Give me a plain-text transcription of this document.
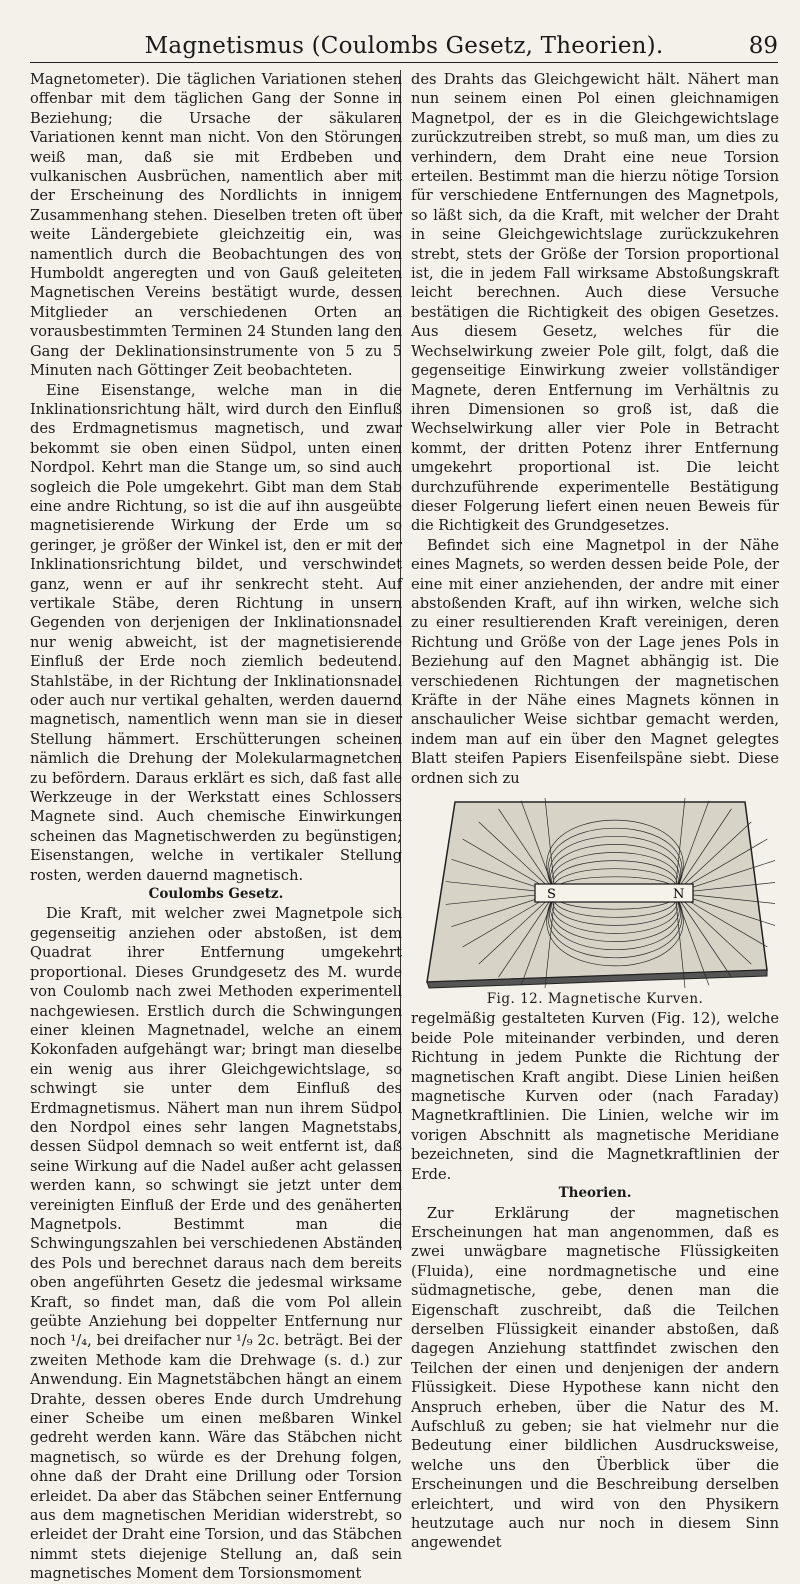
Magnetismus (Coulombs Gesetz, Theorien).	89

Magnetometer). Die täglichen Variationen stehen offenbar mit dem täglichen Gang der Sonne in Beziehung; die Ursache der säkularen Variationen kennt man nicht. Von den Störungen weiß man, daß sie mit Erdbeben und vulkanischen Ausbrüchen, namentlich aber mit der Erscheinung des Nordlichts in innigem Zusammenhang stehen. Dieselben treten oft über weite Ländergebiete gleichzeitig ein, was namentlich durch die Beobachtungen des von Humboldt angeregten und von Gauß geleiteten Magnetischen Vereins bestätigt wurde, dessen Mitglieder an verschiedenen Orten an vorausbestimmten Terminen 24 Stunden lang den Gang der Deklinationsinstrumente von 5 zu 5 Minuten nach Göttinger Zeit beobachteten.

Eine Eisenstange, welche man in die Inklinationsrichtung hält, wird durch den Einfluß des Erdmagnetismus magnetisch, und zwar bekommt sie oben einen Südpol, unten einen Nordpol. Kehrt man die Stange um, so sind auch sogleich die Pole umgekehrt. Gibt man dem Stab eine andre Richtung, so ist die auf ihn ausgeübte magnetisierende Wirkung der Erde um so geringer, je größer der Winkel ist, den er mit der Inklinationsrichtung bildet, und verschwindet ganz, wenn er auf ihr senkrecht steht. Auf vertikale Stäbe, deren Richtung in unsern Gegenden von derjenigen der Inklinationsnadel nur wenig abweicht, ist der magnetisierende Einfluß der Erde noch ziemlich bedeutend. Stahlstäbe, in der Richtung der Inklinationsnadel oder auch nur vertikal gehalten, werden dauernd magnetisch, namentlich wenn man sie in dieser Stellung hämmert. Erschütterungen scheinen nämlich die Drehung der Molekularmagnetchen zu befördern. Daraus erklärt es sich, daß fast alle Werkzeuge in der Werkstatt eines Schlossers Magnete sind. Auch chemische Einwirkungen scheinen das Magnetischwerden zu begünstigen; Eisenstangen, welche in vertikaler Stellung rosten, werden dauernd magnetisch.

Coulombs Gesetz.

Die Kraft, mit welcher zwei Magnetpole sich gegenseitig anziehen oder abstoßen, ist dem Quadrat ihrer Entfernung umgekehrt proportional. Dieses Grundgesetz des M. wurde von Coulomb nach zwei Methoden experimentell nachgewiesen. Erstlich durch die Schwingungen einer kleinen Magnetnadel, welche an einem Kokonfaden aufgehängt war; bringt man dieselbe ein wenig aus ihrer Gleichgewichtslage, so schwingt sie unter dem Einfluß des Erdmagnetismus. Nähert man nun ihrem Südpol den Nordpol eines sehr langen Magnetstabs, dessen Südpol demnach so weit entfernt ist, daß seine Wirkung auf die Nadel außer acht gelassen werden kann, so schwingt sie jetzt unter dem vereinigten Einfluß der Erde und des genäherten Magnetpols. Bestimmt man die Schwingungszahlen bei verschiedenen Abständen des Pols und berechnet daraus nach dem bereits oben angeführten Gesetz die jedesmal wirksame Kraft, so findet man, daß die vom Pol allein geübte Anziehung bei doppelter Entfernung nur noch ¹/₄, bei dreifacher nur ¹/₉ 2c. beträgt. Bei der zweiten Methode kam die Drehwage (s. d.) zur Anwendung. Ein Magnetstäbchen hängt an einem Drahte, dessen oberes Ende durch Umdrehung einer Scheibe um einen meßbaren Winkel gedreht werden kann. Wäre das Stäbchen nicht magnetisch, so würde es der Drehung folgen, ohne daß der Draht eine Drillung oder Torsion erleidet. Da aber das Stäbchen seiner Entfernung aus dem magnetischen Meridian widerstrebt, so erleidet der Draht eine Torsion, und das Stäbchen nimmt stets diejenige Stellung an, daß sein magnetisches Moment dem Torsionsmoment

des Drahts das Gleichgewicht hält. Nähert man nun seinem einen Pol einen gleichnamigen Magnetpol, der es in die Gleichgewichtslage zurückzutreiben strebt, so muß man, um dies zu verhindern, dem Draht eine neue Torsion erteilen. Bestimmt man die hierzu nötige Torsion für verschiedene Entfernungen des Magnetpols, so läßt sich, da die Kraft, mit welcher der Draht in seine Gleichgewichtslage zurückzukehren strebt, stets der Größe der Torsion proportional ist, die in jedem Fall wirksame Abstoßungskraft leicht berechnen. Auch diese Versuche bestätigen die Richtigkeit des obigen Gesetzes. Aus diesem Gesetz, welches für die Wechselwirkung zweier Pole gilt, folgt, daß die gegenseitige Einwirkung zweier vollständiger Magnete, deren Entfernung im Verhältnis zu ihren Dimensionen so groß ist, daß die Wechselwirkung aller vier Pole in Betracht kommt, der dritten Potenz ihrer Entfernung umgekehrt proportional ist. Die leicht durchzuführende experimentelle Bestätigung dieser Folgerung liefert einen neuen Beweis für die Richtigkeit des Grundgesetzes.

Befindet sich eine Magnetpol in der Nähe eines Magnets, so werden dessen beide Pole, der eine mit einer anziehenden, der andre mit einer abstoßenden Kraft, auf ihn wirken, welche sich zu einer resultierenden Kraft vereinigen, deren Richtung und Größe von der Lage jenes Pols in Beziehung auf den Magnet abhängig ist. Die verschiedenen Richtungen der magnetischen Kräfte in der Nähe eines Magnets können in anschaulicher Weise sichtbar gemacht werden, indem man auf ein über den Magnet gelegtes Blatt steifen Papiers Eisenfeilspäne siebt. Diese ordnen sich zu

S	N

Fig. 12. Magnetische Kurven.

regelmäßig gestalteten Kurven (Fig. 12), welche beide Pole miteinander verbinden, und deren Richtung in jedem Punkte die Richtung der magnetischen Kraft angibt. Diese Linien heißen magnetische Kurven oder (nach Faraday) Magnetkraftlinien. Die Linien, welche wir im vorigen Abschnitt als magnetische Meridiane bezeichneten, sind die Magnetkraftlinien der Erde.

Theorien.

Zur Erklärung der magnetischen Erscheinungen hat man angenommen, daß es zwei unwägbare magnetische Flüssigkeiten (Fluida), eine nordmagnetische und eine südmagnetische, gebe, denen man die Eigenschaft zuschreibt, daß die Teilchen derselben Flüssigkeit einander abstoßen, daß dagegen Anziehung stattfindet zwischen den Teilchen der einen und denjenigen der andern Flüssigkeit. Diese Hypothese kann nicht den Anspruch erheben, über die Natur des M. Aufschluß zu geben; sie hat vielmehr nur die Bedeutung einer bildlichen Ausdrucksweise, welche uns den Überblick über die Erscheinungen und die Beschreibung derselben erleichtert, und wird von den Physikern heutzutage auch nur noch in diesem Sinn angewendet
